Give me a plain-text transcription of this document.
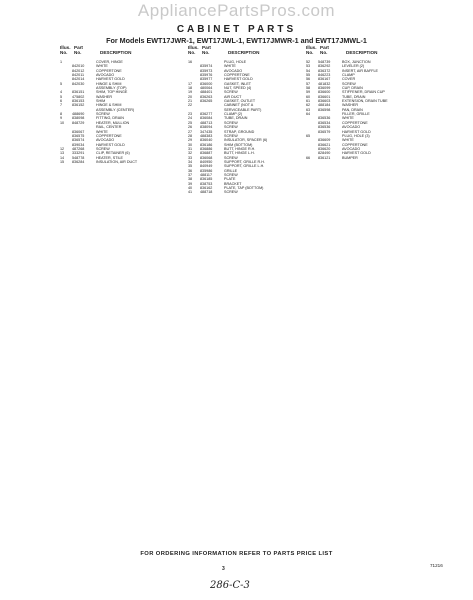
AppliancePartsPros.com
CABINET PARTS
For Models EWT17JWR-1, EWT17JWL-1, EWT17JMWR-1 and EWT17JMWL-1
Illus. Part
No. No.	DESCRIPTION
1	COVER, HINGE
842010	WHITE
842012	COPPERTONE
842011	AVOCADO
842014	HARVEST GOLD
5	842030	HINGE & SHIM
ASSEMBLY (TOP)
4	836151	SHIM, TOP HINGE
5	475802	WASHER
6	836153	SHIM
7	836152	HINGE & SHIM
ASSEMBLY (CENTER)
8	488690	SCREW
9	838098	FITTING, DRAIN
10	848729	HEATER, MULLION
RAIL, CENTER
836067	WHITE
836575	COPPERTONE
836574	AVOCADO
839034	HARVEST GOLD
12	487268	SCREW
13	333291	CLIP, RETAINER (6)
14	548778	HEATER, STILE
15	836284	INSULATION, AIR DUCT
Illus. Part
No. No.	DESCRIPTION
16	PLUG, HOLE
835974	WHITE
835973	AVOCADO
835976	COPPERTONE
835977	HARVEST GOLD
17	836000	GASKET, INLET
18	480064	NUT, SPEED (4)
19	488401	SCREW
20	836263	AIR DUCT
21	836265	GASKET, OUTLET
22	CABINET (NOT A
SERVICEABLE PART)
23	836277	CLAMP (2)
24	836084	TUBE, DRAIN
25	488713	SCREW
26	838094	SCREW
27	347435	STRAP, GROUND
28	488383	SCREW
29	836040	INSULATOR, SPACER (6)
30	836186	SHIM (BOTTOM)
31	836886	BUTT, HINGE R.H.
32	836887	BUTT, HINGE L.H.
33	836068	SCREW
34	840950	SUPPORT, GRILLE R.H.
35	840949	SUPPORT, GRILLE L.H.
36	835986	GRILLE
37	488117	SCREW
38	836185	PLATE
39	838753	BRACKET
40	836162	PLATE, TAP (BOTTOM)
41	488718	SCREW
Illus. Part
No. No.	DESCRIPTION
52	548739	BOX, JUNCTION
53	836292	LEVELER (2)
54	836372	INSERT, AIR BAFFLE
55	846223	CLAMP
56	836167	COVER
57	481832	SCREW
58	836099	CUP, DRAIN
59	836600	STIFFENER, DRAIN CUP
60	836601	TUBE, DRAIN
61	836603	EXTENSION, DRAIN TUBE
62	488184	WASHER
63	836598	PAN, DRAIN
64	FILLER, GRILLE
836536	WHITE
836534	COPPERTONE
836536	AVOCADO
836579	HARVEST GOLD
65	PLUG, HOLE (3)
836609	WHITE
836621	COPPERTONE
836620	AVOCADO
828490	HARVEST GOLD
66	836121	BUMPER
FOR ORDERING INFORMATION REFER TO PARTS PRICE LIST
3
71216
286-C-3
